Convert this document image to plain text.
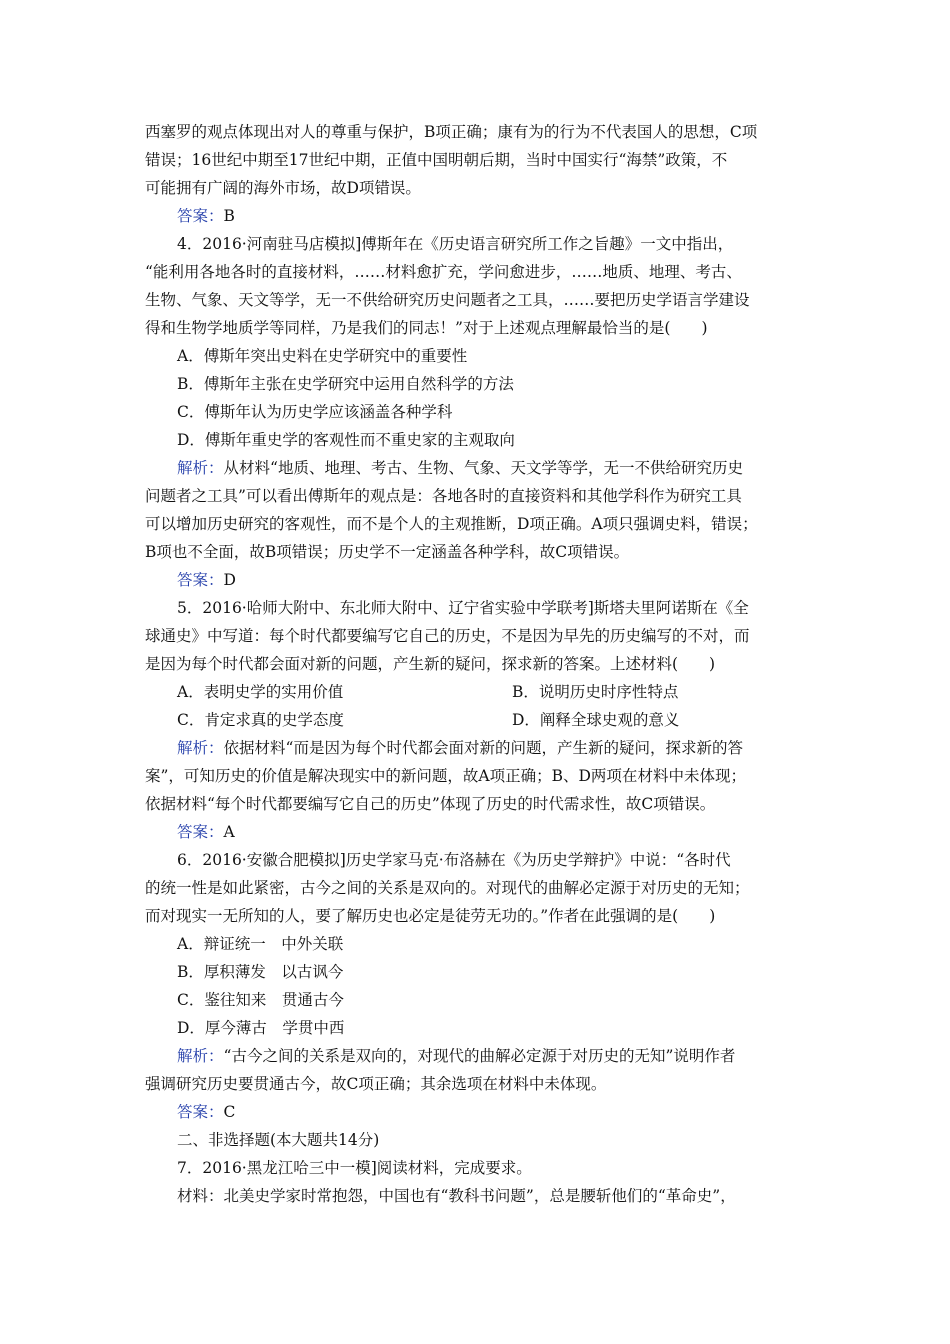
西塞罗的观点体现出对人的尊重与保护，B项正确；康有为的行为不代表国人的思想，C项
错误；16世纪中期至17世纪中期，正值中国明朝后期，当时中国实行“海禁”政策，不
可能拥有广阔的海外市场，故D项错误。
答案：B
4．2016·河南驻马店模拟]傅斯年在《历史语言研究所工作之旨趣》一文中指出，
“能利用各地各时的直接材料，……材料愈扩充，学问愈进步，……地质、地理、考古、
生物、气象、天文等学，无一不供给研究历史问题者之工具，……要把历史学语言学建设
得和生物学地质学等同样，乃是我们的同志！”对于上述观点理解最恰当的是(　　)
A．傅斯年突出史料在史学研究中的重要性
B．傅斯年主张在史学研究中运用自然科学的方法
C．傅斯年认为历史学应该涵盖各种学科
D．傅斯年重史学的客观性而不重史家的主观取向
解析：从材料“地质、地理、考古、生物、气象、天文学等学，无一不供给研究历史
问题者之工具”可以看出傅斯年的观点是：各地各时的直接资料和其他学科作为研究工具
可以增加历史研究的客观性，而不是个人的主观推断，D项正确。A项只强调史料，错误；
B项也不全面，故B项错误；历史学不一定涵盖各种学科，故C项错误。
答案：D
5．2016·哈师大附中、东北师大附中、辽宁省实验中学联考]斯塔夫里阿诺斯在《全
球通史》中写道：每个时代都要编写它自己的历史，不是因为早先的历史编写的不对，而
是因为每个时代都会面对新的问题，产生新的疑问，探求新的答案。上述材料(　　)
A．表明史学的实用价值	B．说明历史时序性特点
C．肯定求真的史学态度	D．阐释全球史观的意义
解析：依据材料“而是因为每个时代都会面对新的问题，产生新的疑问，探求新的答
案”，可知历史的价值是解决现实中的新问题，故A项正确；B、D两项在材料中未体现；
依据材料“每个时代都要编写它自己的历史”体现了历史的时代需求性，故C项错误。
答案：A
6．2016·安徽合肥模拟]历史学家马克·布洛赫在《为历史学辩护》中说：“各时代
的统一性是如此紧密，古今之间的关系是双向的。对现代的曲解必定源于对历史的无知；
而对现实一无所知的人，要了解历史也必定是徒劳无功的。”作者在此强调的是(　　)
A．辩证统一　中外关联
B．厚积薄发　以古讽今
C．鉴往知来　贯通古今
D．厚今薄古　学贯中西
解析：“古今之间的关系是双向的，对现代的曲解必定源于对历史的无知”说明作者
强调研究历史要贯通古今，故C项正确；其余选项在材料中未体现。
答案：C
二、非选择题(本大题共14分)
7．2016·黑龙江哈三中一模]阅读材料，完成要求。
材料：北美史学家时常抱怨，中国也有“教科书问题”，总是腰斩他们的“革命史”，
